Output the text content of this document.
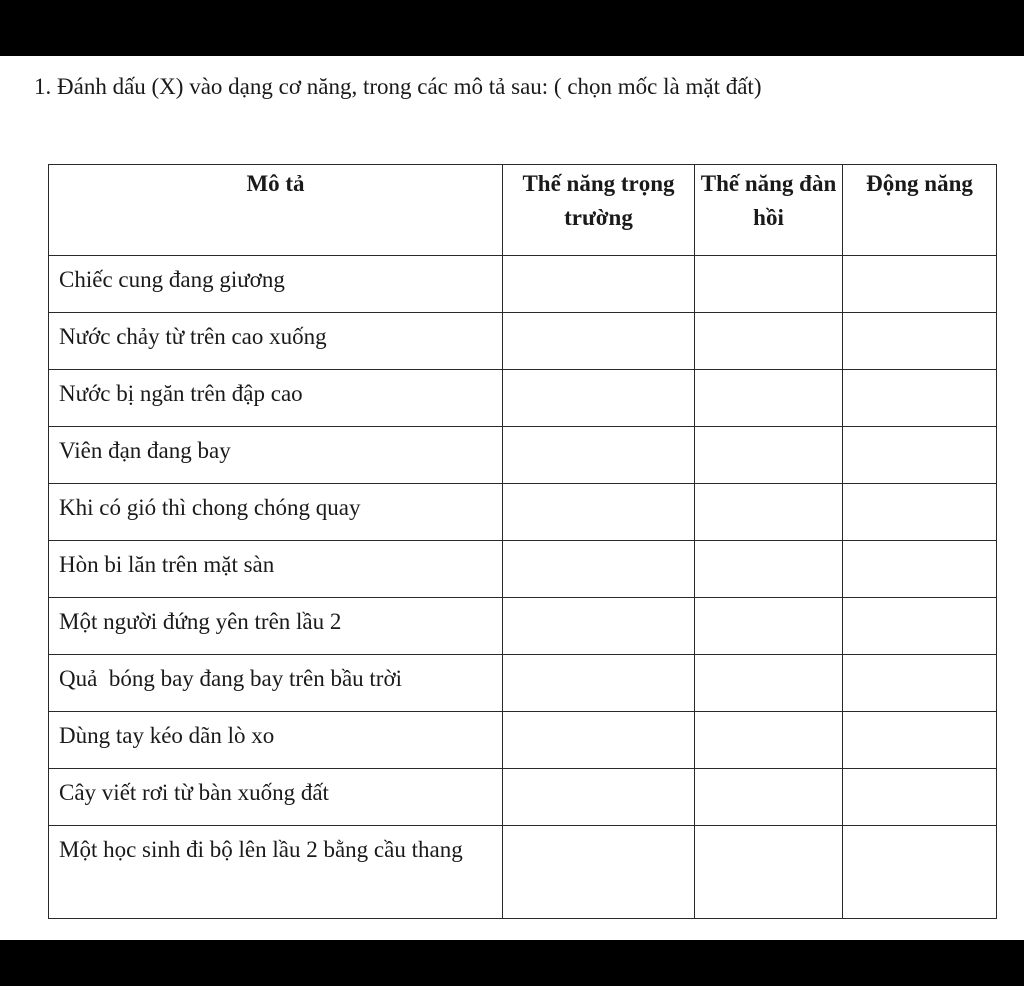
1. Đánh dấu (X) vào dạng cơ năng, trong các mô tả sau: ( chọn mốc là mặt đất)

Mô tả	Thế năng trọng trường	Thế năng đàn hồi	Động năng
Chiếc cung đang giương			
Nước chảy từ trên cao xuống			
Nước bị ngăn trên đập cao			
Viên đạn đang bay			
Khi có gió thì chong chóng quay			
Hòn bi lăn trên mặt sàn			
Một người đứng yên trên lầu 2			
Quả  bóng bay đang bay trên bầu trời			
Dùng tay kéo dãn lò xo			
Cây viết rơi từ bàn xuống đất			
Một học sinh đi bộ lên lầu 2 bằng cầu thang			
